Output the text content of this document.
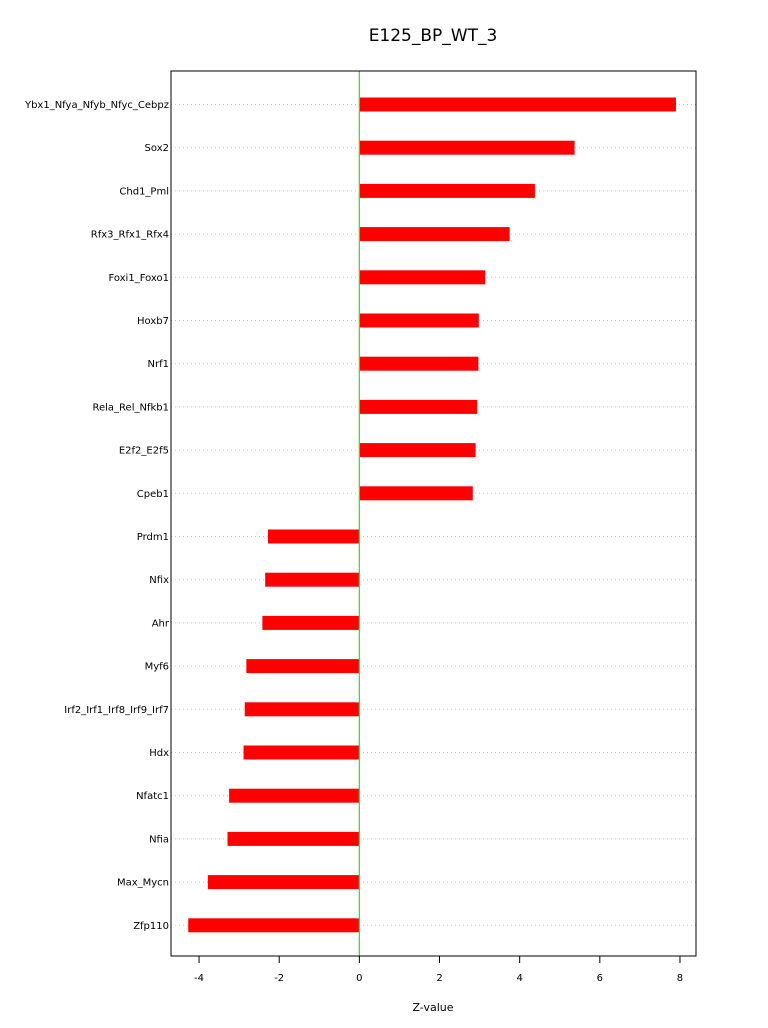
E125_BP_WT_3
Ybx1_Nfya_Nfyb_Nfyc_Cebpz
Sox2
Chd1_Pml
Rfx3_Rfx1_Rfx4
Foxi1_Foxo1
Hoxb7
Nrf1
Rela_Rel_Nfkb1
E2f2_E2f5
Cpeb1
Prdm1
Nfix
Ahr
Myf6
Irf2_Irf1_Irf8_Irf9_Irf7
Hdx
Nfatc1
Nfia
Max_Mycn
Zfp110
-4	-2	0	2	4	6	8
Z-value
